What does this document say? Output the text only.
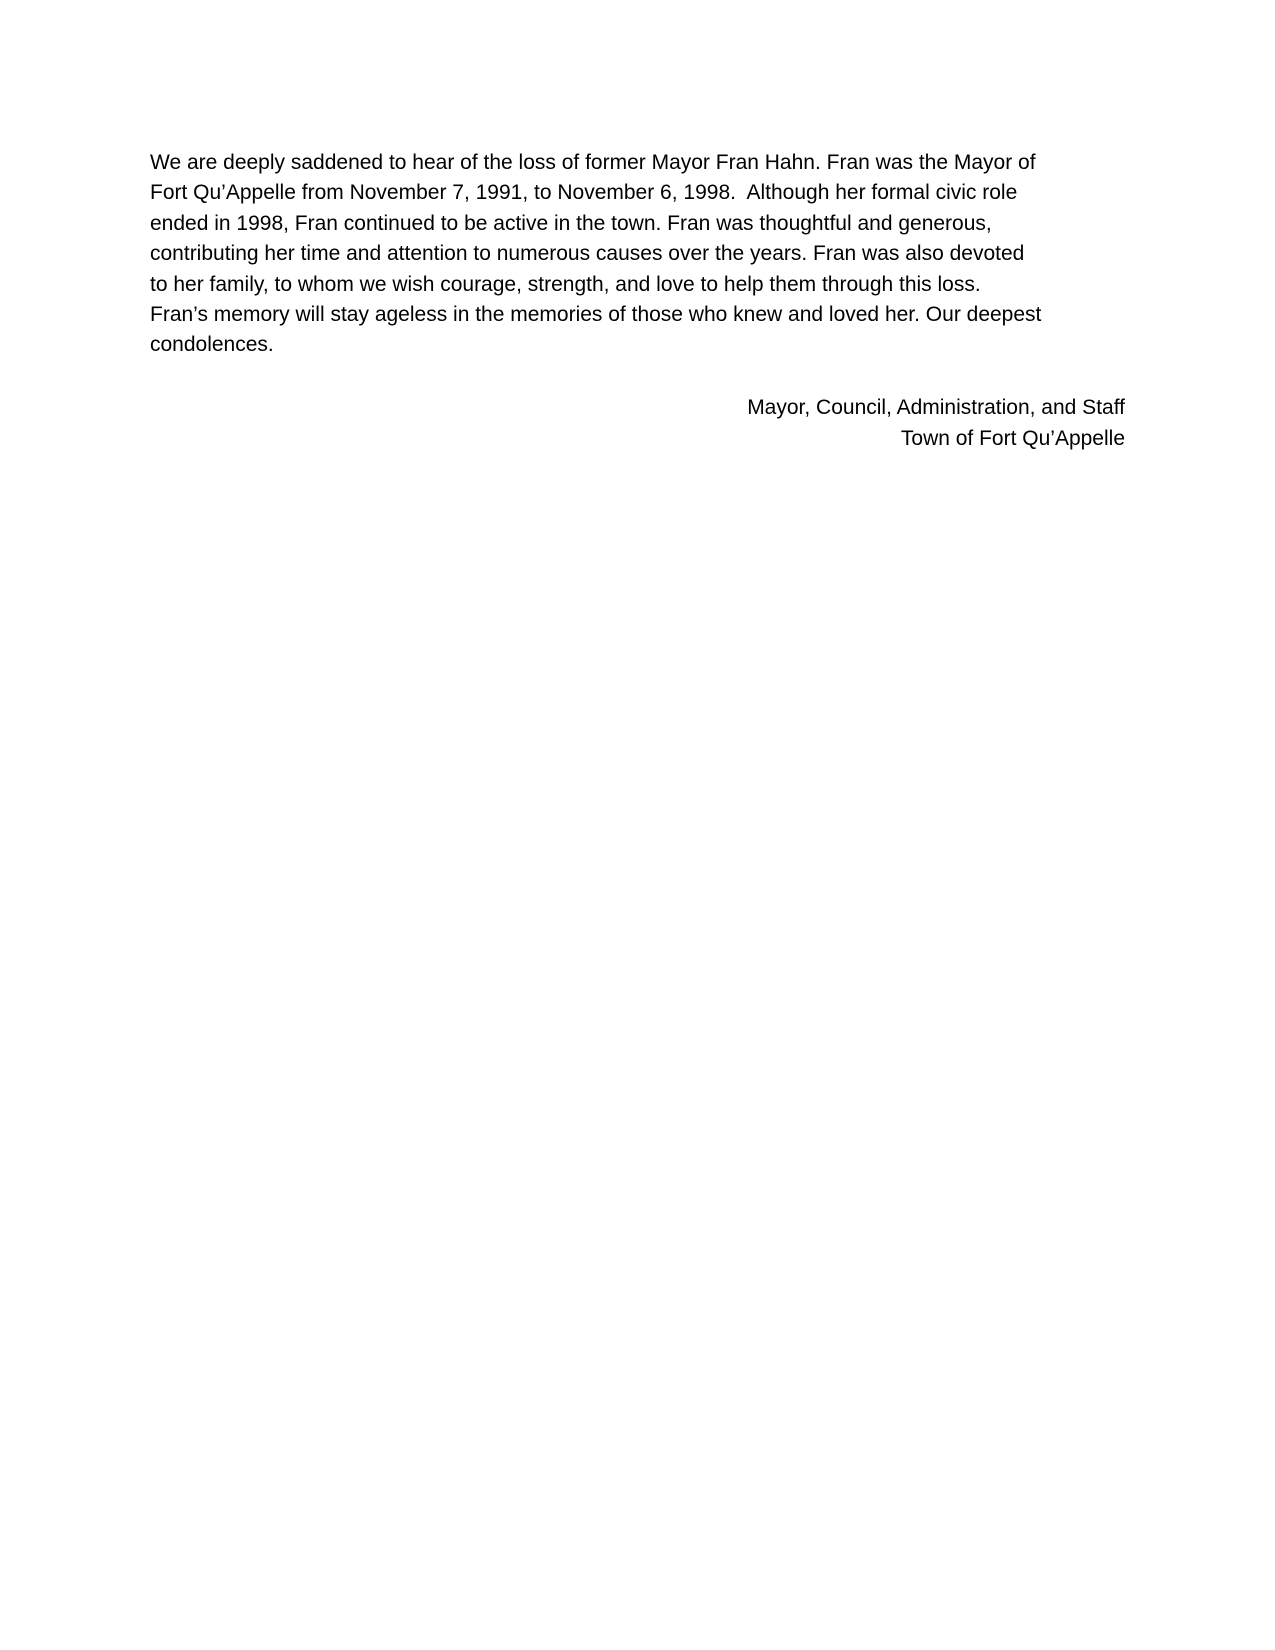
We are deeply saddened to hear of the loss of former Mayor Fran Hahn. Fran was the Mayor of
Fort Qu’Appelle from November 7, 1991, to November 6, 1998.  Although her formal civic role
ended in 1998, Fran continued to be active in the town. Fran was thoughtful and generous,
contributing her time and attention to numerous causes over the years. Fran was also devoted
to her family, to whom we wish courage, strength, and love to help them through this loss.
Fran’s memory will stay ageless in the memories of those who knew and loved her. Our deepest
condolences.

Mayor, Council, Administration, and Staff
Town of Fort Qu’Appelle
